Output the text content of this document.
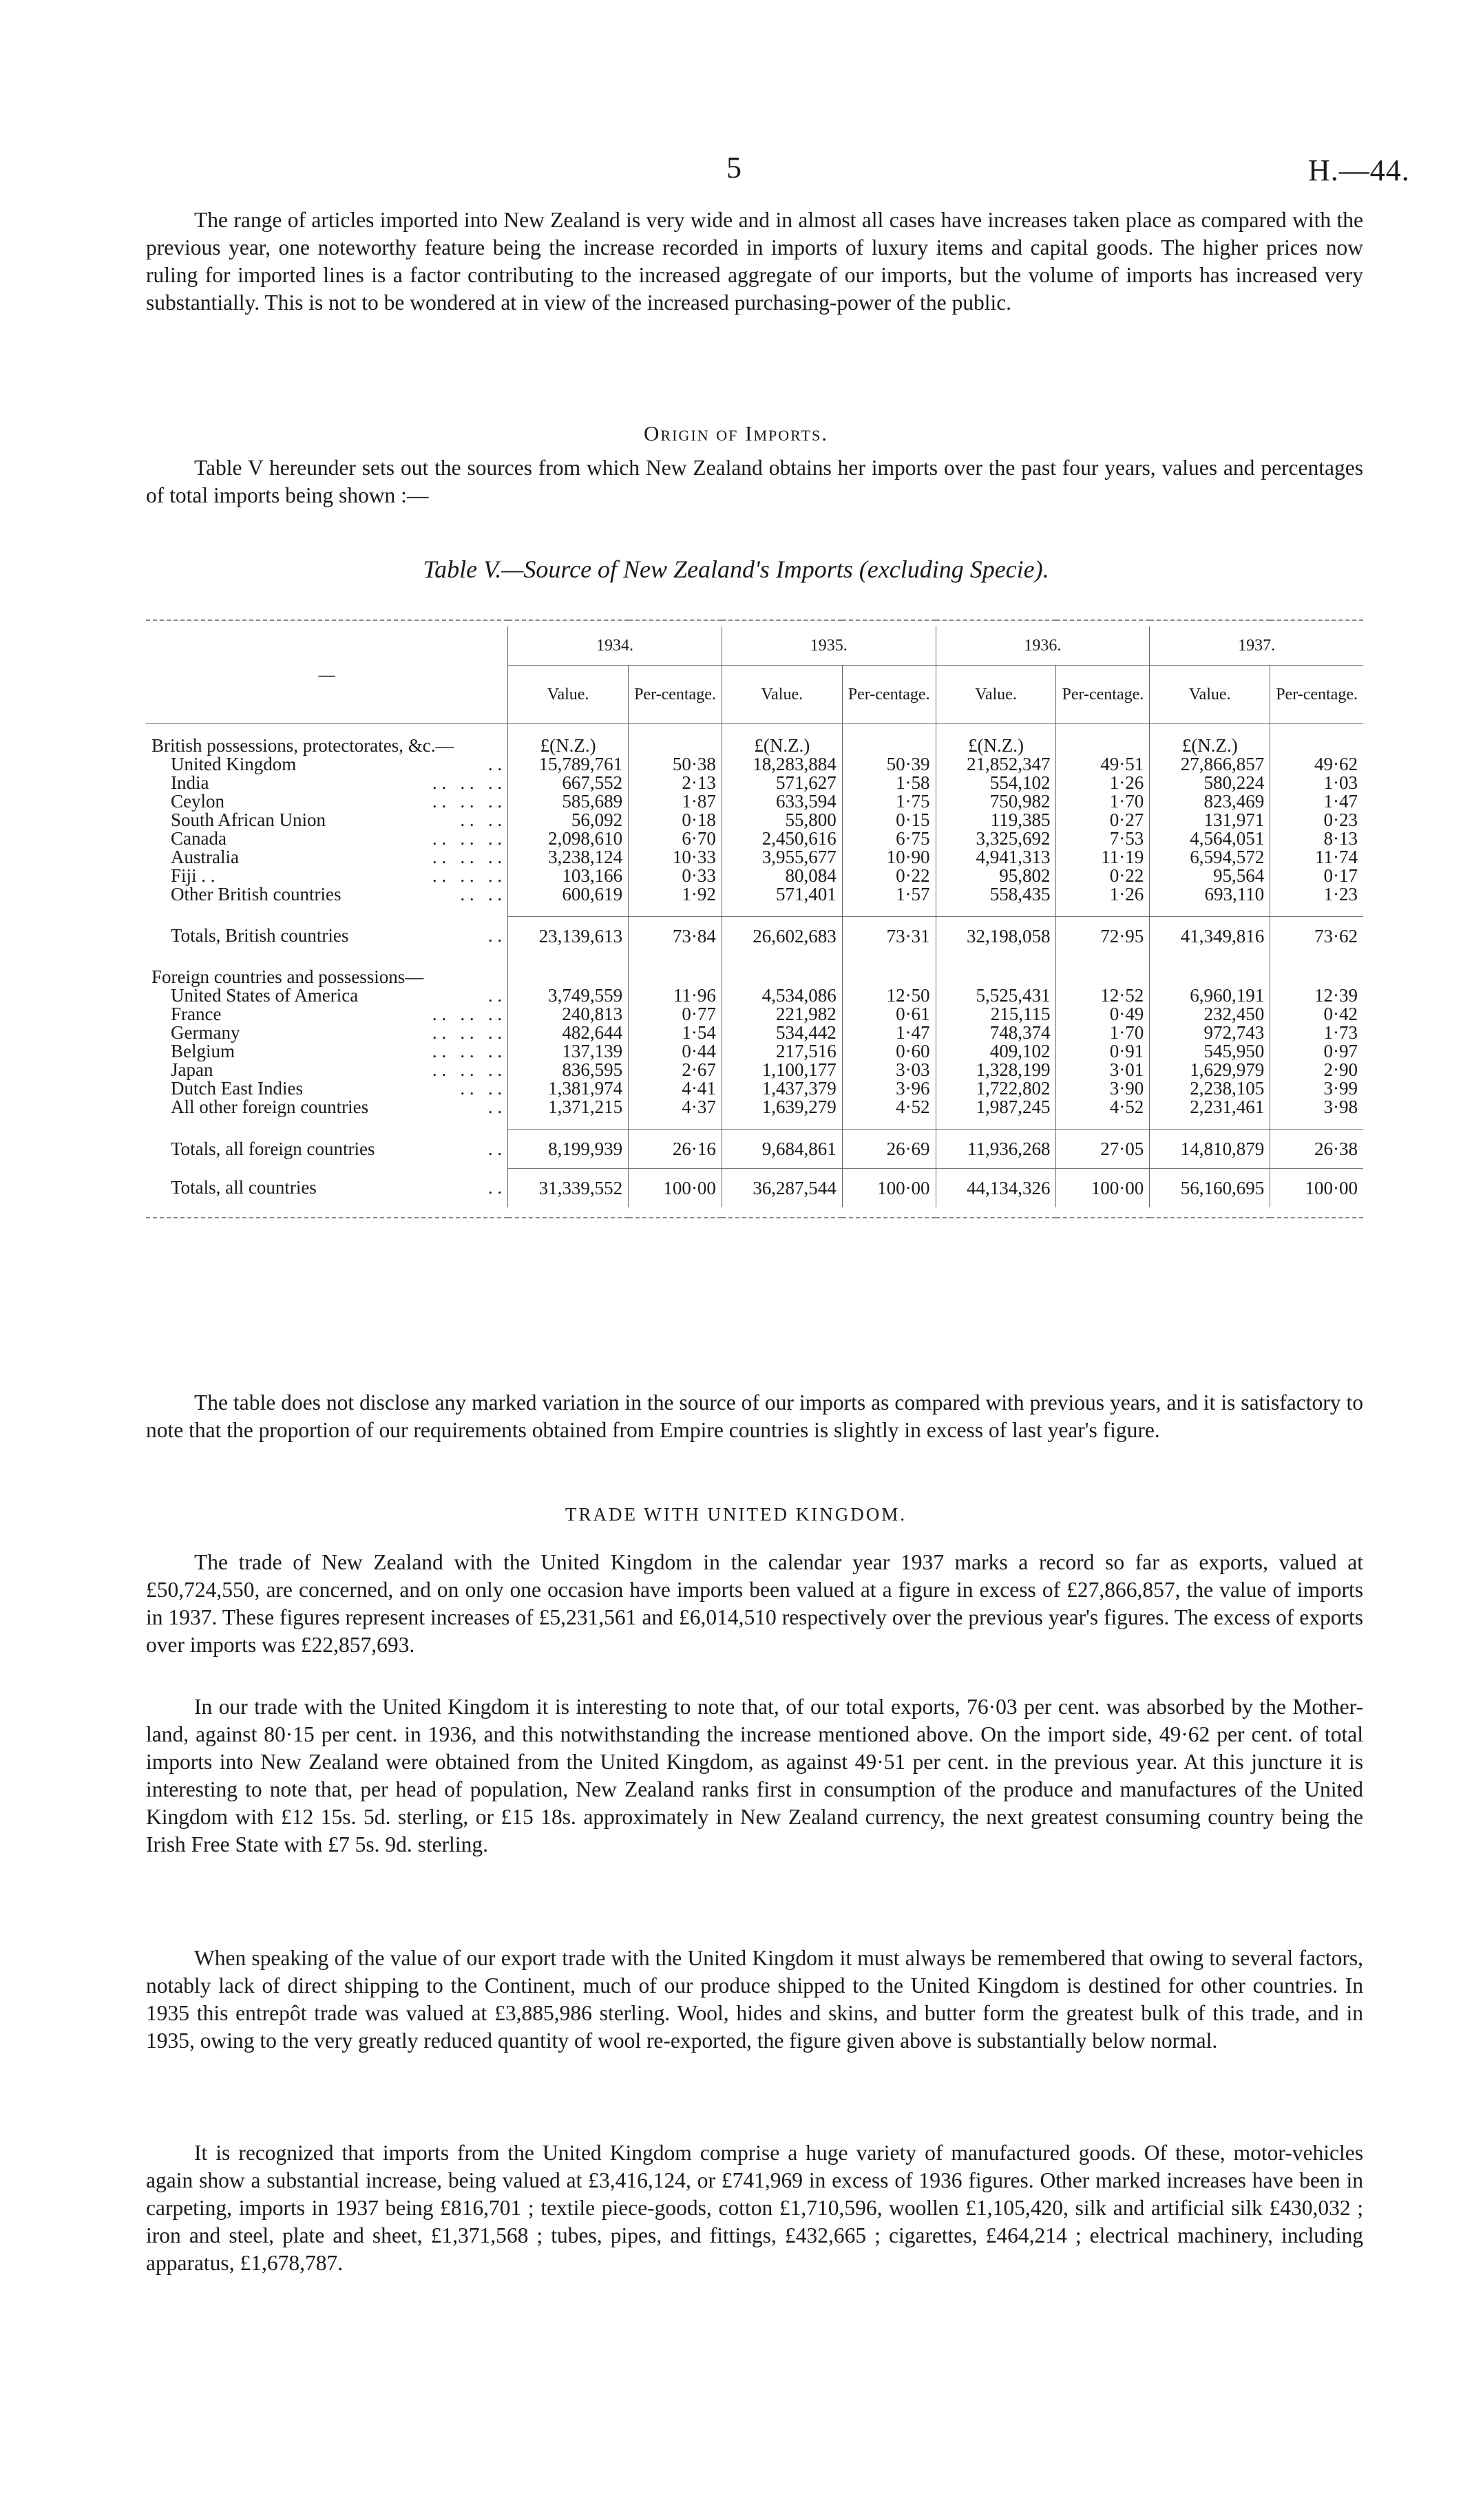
5	H.—44.

The range of articles imported into New Zealand is very wide and in almost all cases have increases taken place as compared with the previous year, one noteworthy feature being the increase recorded in imports of luxury items and capital goods. The higher prices now ruling for imported lines is a factor contributing to the increased aggregate of our imports, but the volume of imports has increased very substantially. This is not to be wondered at in view of the increased purchasing-power of the public.

Origin of Imports.

Table V hereunder sets out the sources from which New Zealand obtains her imports over the past four years, values and percentages of total imports being shown :—

Table V.—Source of New Zealand's Imports (excluding Specie).

—	1934.		1935.		1936.		1937.	
	Value.	Per-centage.	Value.	Per-centage.	Value.	Per-centage.	Value.	Per-centage.

British possessions, protectorates, &c.—	£(N.Z.)		£(N.Z.)		£(N.Z.)		£(N.Z.)	
United Kingdom . .	15,789,761	50·38	18,283,884	50·39	21,852,347	49·51	27,866,857	49·62
India . .   . .   . .	667,552	2·13	571,627	1·58	554,102	1·26	580,224	1·03
Ceylon . .   . .   . .	585,689	1·87	633,594	1·75	750,982	1·70	823,469	1·47
South African Union . .   . .	56,092	0·18	55,800	0·15	119,385	0·27	131,971	0·23
Canada . .   . .   . .	2,098,610	6·70	2,450,616	6·75	3,325,692	7·53	4,564,051	8·13
Australia . .   . .   . .	3,238,124	10·33	3,955,677	10·90	4,941,313	11·19	6,594,572	11·74
Fiji . . . .   . .   . .	103,166	0·33	80,084	0·22	95,802	0·22	95,564	0·17
Other British countries . .   . .	600,619	1·92	571,401	1·57	558,435	1·26	693,110	1·23

Totals, British countries . .	23,139,613	73·84	26,602,683	73·31	32,198,058	72·95	41,349,816	73·62

Foreign countries and possessions—								
United States of America . .	3,749,559	11·96	4,534,086	12·50	5,525,431	12·52	6,960,191	12·39
France . .   . .   . .	240,813	0·77	221,982	0·61	215,115	0·49	232,450	0·42
Germany . .   . .   . .	482,644	1·54	534,442	1·47	748,374	1·70	972,743	1·73
Belgium . .   . .   . .	137,139	0·44	217,516	0·60	409,102	0·91	545,950	0·97
Japan . .   . .   . .	836,595	2·67	1,100,177	3·03	1,328,199	3·01	1,629,979	2·90
Dutch East Indies . .   . .	1,381,974	4·41	1,437,379	3·96	1,722,802	3·90	2,238,105	3·99
All other foreign countries . .	1,371,215	4·37	1,639,279	4·52	1,987,245	4·52	2,231,461	3·98

Totals, all foreign countries . .	8,199,939	26·16	9,684,861	26·69	11,936,268	27·05	14,810,879	26·38
Totals, all countries . .	31,339,552	100·00	36,287,544	100·00	44,134,326	100·00	56,160,695	100·00

The table does not disclose any marked variation in the source of our imports as compared with previous years, and it is satisfactory to note that the proportion of our requirements obtained from Empire countries is slightly in excess of last year's figure.

TRADE WITH UNITED KINGDOM.

The trade of New Zealand with the United Kingdom in the calendar year 1937 marks a record so far as exports, valued at £50,724,550, are concerned, and on only one occasion have imports been valued at a figure in excess of £27,866,857, the value of imports in 1937. These figures represent increases of £5,231,561 and £6,014,510 respectively over the previous year's figures. The excess of exports over imports was £22,857,693.

In our trade with the United Kingdom it is interesting to note that, of our total exports, 76·03 per cent. was absorbed by the Mother-land, against 80·15 per cent. in 1936, and this notwithstanding the increase mentioned above. On the import side, 49·62 per cent. of total imports into New Zealand were obtained from the United Kingdom, as against 49·51 per cent. in the previous year. At this juncture it is interesting to note that, per head of population, New Zealand ranks first in consumption of the produce and manufactures of the United Kingdom with £12 15s. 5d. sterling, or £15 18s. approximately in New Zealand currency, the next greatest consuming country being the Irish Free State with £7 5s. 9d. sterling.

When speaking of the value of our export trade with the United Kingdom it must always be remembered that owing to several factors, notably lack of direct shipping to the Continent, much of our produce shipped to the United Kingdom is destined for other countries. In 1935 this entrepôt trade was valued at £3,885,986 sterling. Wool, hides and skins, and butter form the greatest bulk of this trade, and in 1935, owing to the very greatly reduced quantity of wool re-exported, the figure given above is substantially below normal.

It is recognized that imports from the United Kingdom comprise a huge variety of manufactured goods. Of these, motor-vehicles again show a substantial increase, being valued at £3,416,124, or £741,969 in excess of 1936 figures. Other marked increases have been in carpeting, imports in 1937 being £816,701 ; textile piece-goods, cotton £1,710,596, woollen £1,105,420, silk and artificial silk £430,032 ; iron and steel, plate and sheet, £1,371,568 ; tubes, pipes, and fittings, £432,665 ; cigarettes, £464,214 ; electrical machinery, including apparatus, £1,678,787.
